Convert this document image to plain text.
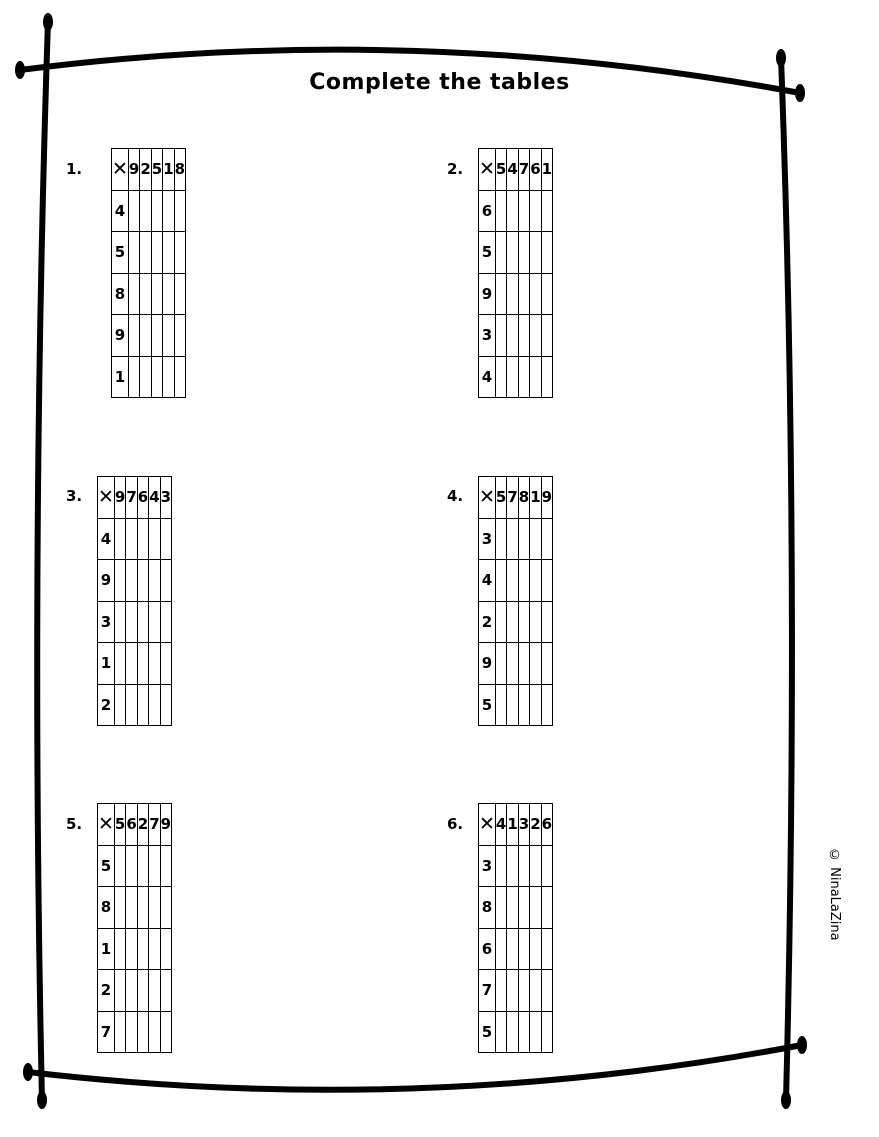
Complete the tables
1. ✕	9	2	5	1	8
4					
5					
8					
9					
1					
2. ✕	5	4	7	6	1
6					
5					
9					
3					
4					
3. ✕	9	7	6	4	3
4					
9					
3					
1					
2					
4. ✕	5	7	8	1	9
3					
4					
2					
9					
5					
5. ✕	5	6	2	7	9
5					
8					
1					
2					
7					
6. ✕	4	1	3	2	6
3					
8					
6					
7					
5					
© NinaLaZina
